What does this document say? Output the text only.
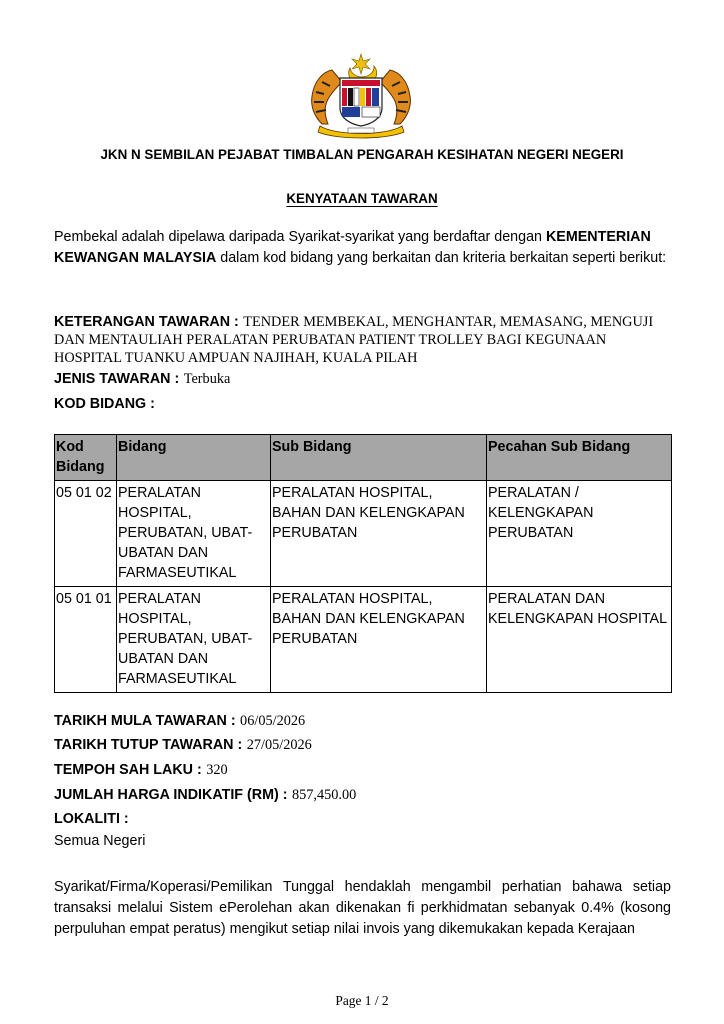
JKN N SEMBILAN PEJABAT TIMBALAN PENGARAH KESIHATAN NEGERI NEGERI
KENYATAAN TAWARAN
Pembekal adalah dipelawa daripada Syarikat-syarikat yang berdaftar dengan KEMENTERIAN KEWANGAN MALAYSIA dalam kod bidang yang berkaitan dan kriteria berkaitan seperti berikut:
KETERANGAN TAWARAN : TENDER MEMBEKAL, MENGHANTAR, MEMASANG, MENGUJI DAN MENTAULIAH PERALATAN PERUBATAN PATIENT TROLLEY BAGI KEGUNAAN HOSPITAL TUANKU AMPUAN NAJIHAH, KUALA PILAH
JENIS TAWARAN : Terbuka
KOD BIDANG :
Kod Bidang	Bidang	Sub Bidang	Pecahan Sub Bidang
05 01 02	PERALATAN HOSPITAL, PERUBATAN, UBAT-UBATAN DAN FARMASEUTIKAL	PERALATAN HOSPITAL, BAHAN DAN KELENGKAPAN PERUBATAN	PERALATAN / KELENGKAPAN PERUBATAN
05 01 01	PERALATAN HOSPITAL, PERUBATAN, UBAT-UBATAN DAN FARMASEUTIKAL	PERALATAN HOSPITAL, BAHAN DAN KELENGKAPAN PERUBATAN	PERALATAN DAN KELENGKAPAN HOSPITAL
TARIKH MULA TAWARAN : 06/05/2026
TARIKH TUTUP TAWARAN : 27/05/2026
TEMPOH SAH LAKU : 320
JUMLAH HARGA INDIKATIF (RM) : 857,450.00
LOKALITI :
Semua Negeri
Syarikat/Firma/Koperasi/Pemilikan Tunggal hendaklah mengambil perhatian bahawa setiap transaksi melalui Sistem ePerolehan akan dikenakan fi perkhidmatan sebanyak 0.4% (kosong perpuluhan empat peratus) mengikut setiap nilai invois yang dikemukakan kepada Kerajaan
Page 1 / 2
